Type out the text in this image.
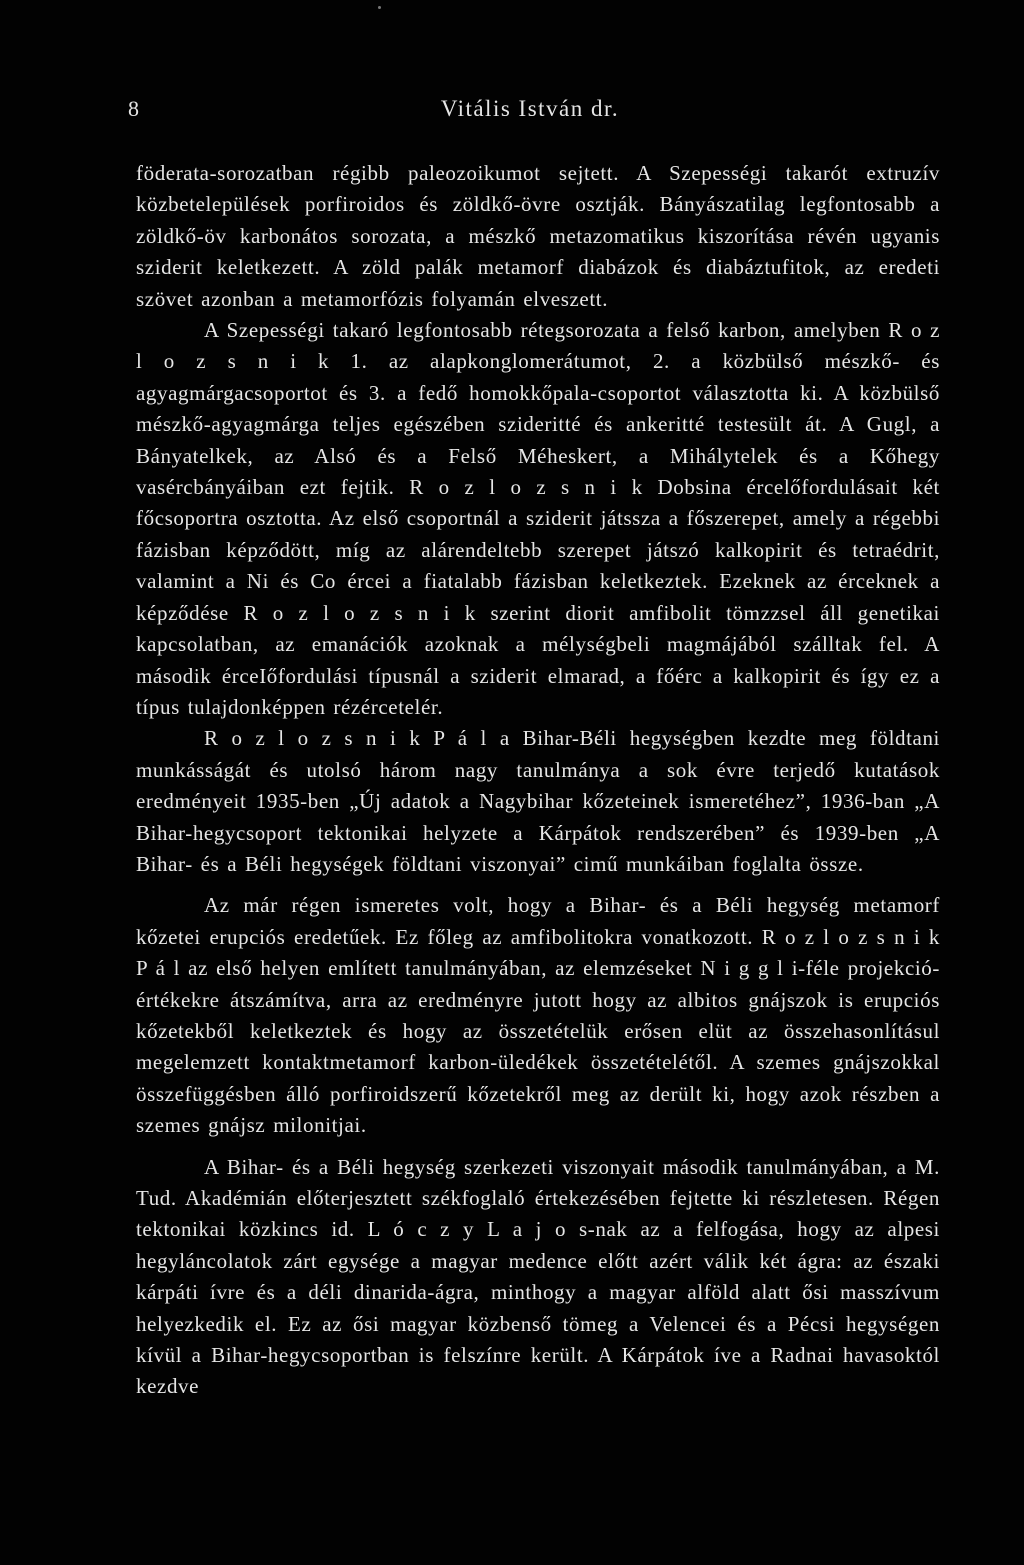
8	Vitális István dr.

föderata-sorozatban régibb paleozoikumot sejtett. A Szepességi takarót extruzív közbetelepülések porfiroidos és zöldkő-övre osztják. Bányászatilag legfontosabb a zöldkő-öv karbonátos sorozata, a mészkő metazomatikus kiszorítása révén ugyanis sziderit keletkezett. A zöld palák metamorf diabázok és diabáztufitok, az eredeti szövet azonban a metamorfózis folyamán elveszett.

A Szepességi takaró legfontosabb rétegsorozata a felső karbon, amelyben R o z l o z s n i k 1. az alapkonglomerátumot, 2. a közbülső mészkő- és agyagmárgacsoportot és 3. a fedő homokkőpala-csoportot választotta ki. A közbülső mészkő-agyagmárga teljes egészében szideritté és ankeritté testesült át. A Gugl, a Bányatelkek, az Alsó és a Felső Méheskert, a Mihálytelek és a Kőhegy vasércbányáiban ezt fejtik. R o z l o z s n i k Dobsina ércelőfordulásait két főcsoportra osztotta. Az első csoportnál a sziderit játssza a főszerepet, amely a régebbi fázisban képződött, míg az alárendeltebb szerepet játszó kalkopirit és tetraédrit, valamint a Ni és Co ércei a fiatalabb fázisban keletkeztek. Ezeknek az érceknek a képződése R o z l o z s n i k szerint diorit amfibolit tömzzsel áll genetikai kapcsolatban, az emanációk azoknak a mélységbeli magmájából szálltak fel. A második érceIőfordulási típusnál a sziderit elmarad, a főérc a kalkopirit és így ez a típus tulajdonképpen rézércetelér.

R o z l o z s n i k P á l a Bihar-Béli hegységben kezdte meg földtani munkásságát és utolsó három nagy tanulmánya a sok évre terjedő kutatások eredményeit 1935-ben „Új adatok a Nagybihar kőzeteinek ismeretéhez”, 1936-ban „A Bihar-hegycsoport tektonikai helyzete a Kárpátok rendszerében” és 1939-ben „A Bihar- és a Béli hegységek földtani viszonyai” cimű munkáiban foglalta össze.

Az már régen ismeretes volt, hogy a Bihar- és a Béli hegység metamorf kőzetei erupciós eredetűek. Ez főleg az amfibolitokra vonatkozott. R o z l o z s n i k P á l az első helyen említett tanulmányában, az elemzéseket N i g g l i-féle projekció-értékekre átszámítva, arra az eredményre jutott hogy az albitos gnájszok is erupciós kőzetekből keletkeztek és hogy az összetételük erősen elüt az összehasonlításul megelemzett kontaktmetamorf karbon-üledékek összetételétől. A szemes gnájszokkal összefüggésben álló porfiroidszerű kőzetekről meg az derült ki, hogy azok részben a szemes gnájsz milonitjai.

A Bihar- és a Béli hegység szerkezeti viszonyait második tanulmányában, a M. Tud. Akadémián előterjesztett székfoglaló értekezésében fejtette ki részletesen. Régen tektonikai közkincs id. L ó c z y L a j o s-nak az a felfogása, hogy az alpesi hegyláncolatok zárt egysége a magyar medence előtt azért válik két ágra: az északi kárpáti ívre és a déli dinarida-ágra, minthogy a magyar alföld alatt ősi masszívum helyezkedik el. Ez az ősi magyar közbenső tömeg a Velencei és a Pécsi hegységen kívül a Bihar-hegycsoportban is felszínre került. A Kárpátok íve a Radnai havasoktól kezdve
